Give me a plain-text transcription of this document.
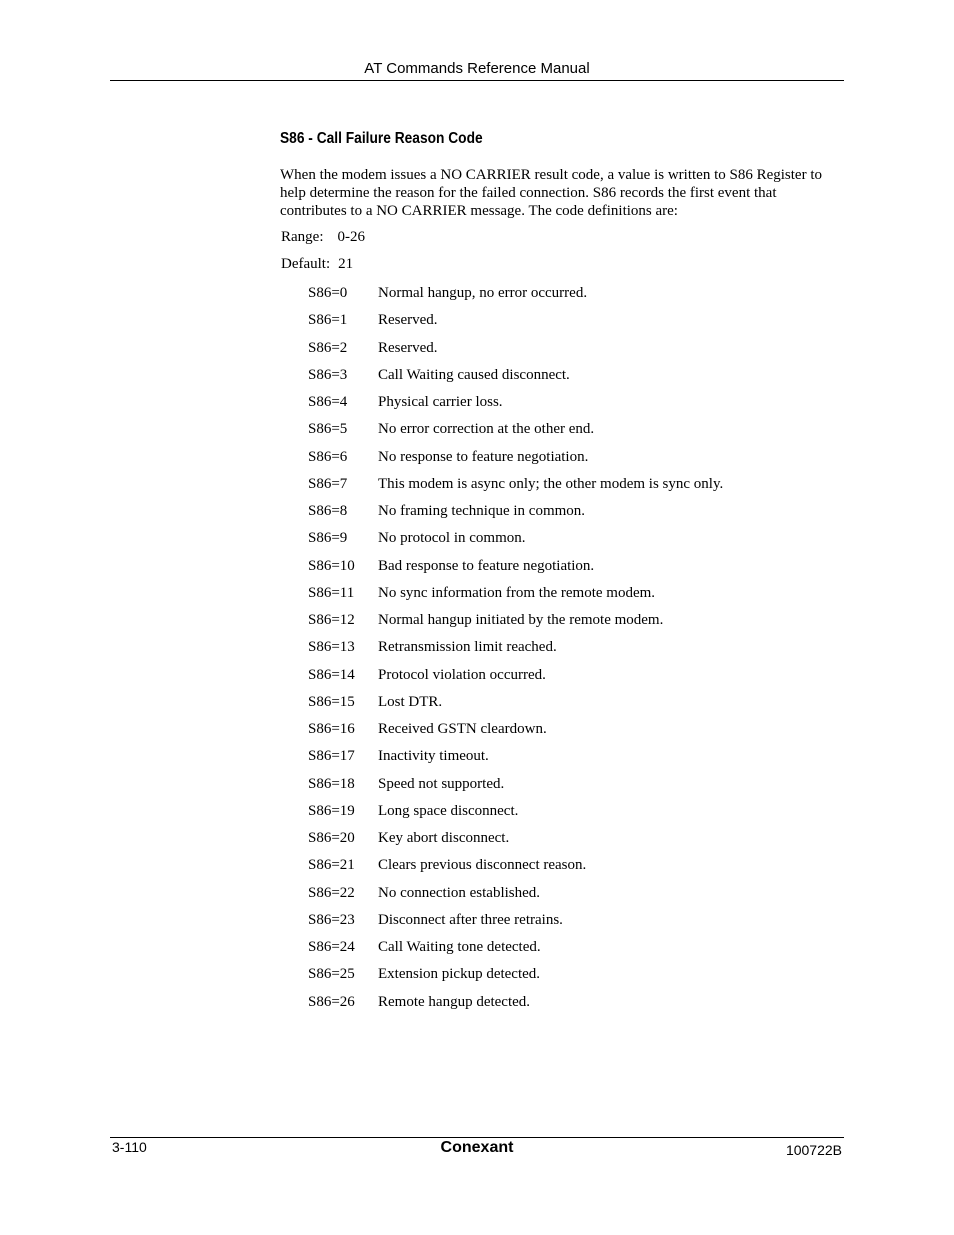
AT Commands Reference Manual
S86 - Call Failure Reason Code

When the modem issues a NO CARRIER result code, a value is written to S86 Register to help determine the reason for the failed connection. S86 records the first event that contributes to a NO CARRIER message. The code definitions are:

Range: 0-26
Default: 21
S86=0 Normal hangup, no error occurred.
S86=1 Reserved.
S86=2 Reserved.
S86=3 Call Waiting caused disconnect.
S86=4 Physical carrier loss.
S86=5 No error correction at the other end.
S86=6 No response to feature negotiation.
S86=7 This modem is async only; the other modem is sync only.
S86=8 No framing technique in common.
S86=9 No protocol in common.
S86=10 Bad response to feature negotiation.
S86=11 No sync information from the remote modem.
S86=12 Normal hangup initiated by the remote modem.
S86=13 Retransmission limit reached.
S86=14 Protocol violation occurred.
S86=15 Lost DTR.
S86=16 Received GSTN cleardown.
S86=17 Inactivity timeout.
S86=18 Speed not supported.
S86=19 Long space disconnect.
S86=20 Key abort disconnect.
S86=21 Clears previous disconnect reason.
S86=22 No connection established.
S86=23 Disconnect after three retrains.
S86=24 Call Waiting tone detected.
S86=25 Extension pickup detected.
S86=26 Remote hangup detected.
3-110	Conexant	100722B
